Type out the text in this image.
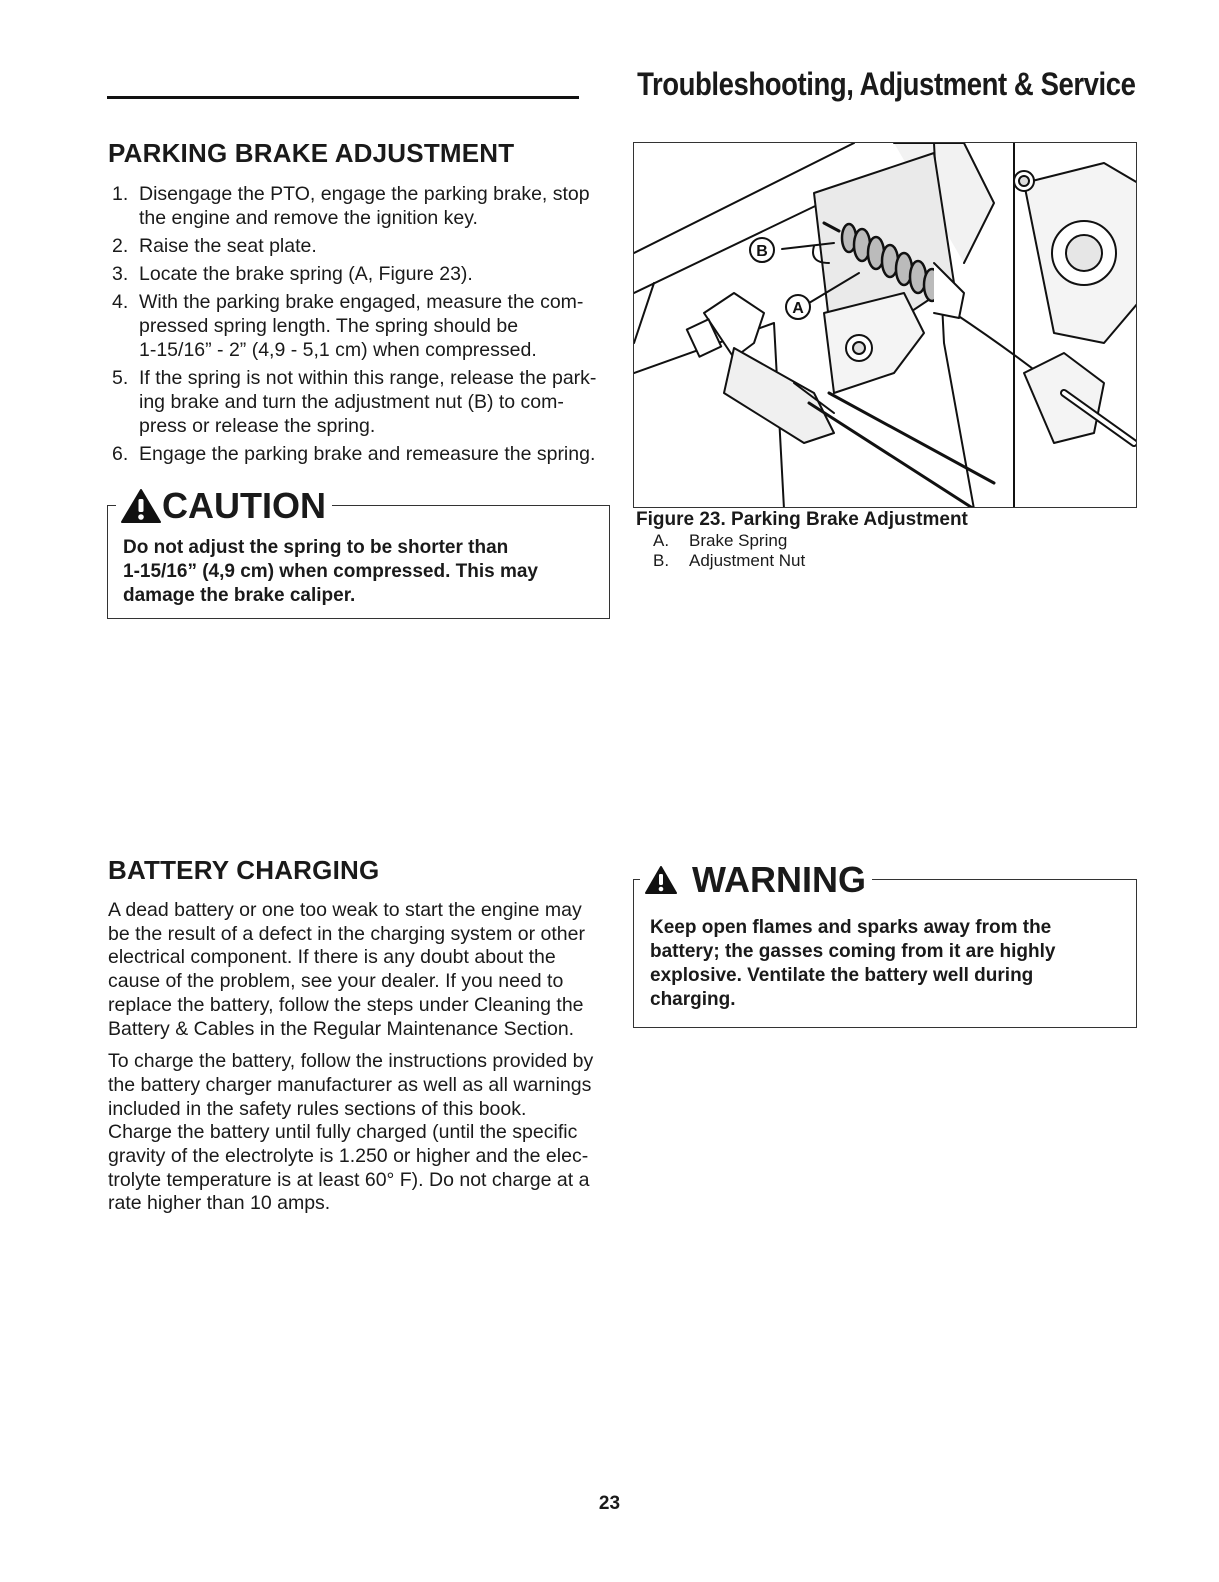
Troubleshooting, Adjustment & Service
PARKING BRAKE ADJUSTMENT
1. Disengage the PTO, engage the parking brake, stop
the engine and remove the ignition key.
2. Raise the seat plate.
3. Locate the brake spring (A, Figure 23).
4. With the parking brake engaged, measure the com-
pressed spring length. The spring should be
1-15/16” - 2” (4,9 - 5,1 cm) when compressed.
5. If the spring is not within this range, release the park-
ing brake and turn the adjustment nut (B) to com-
press or release the spring.
6. Engage the parking brake and remeasure the spring.
CAUTION
Do not adjust the spring to be shorter than
1-15/16” (4,9 cm) when compressed. This may
damage the brake caliper.
B
A
Figure 23. Parking Brake Adjustment
A. Brake Spring
B. Adjustment Nut
BATTERY CHARGING
A dead battery or one too weak to start the engine may
be the result of a defect in the charging system or other
electrical component. If there is any doubt about the
cause of the problem, see your dealer. If you need to
replace the battery, follow the steps under Cleaning the
Battery & Cables in the Regular Maintenance Section.
To charge the battery, follow the instructions provided by
the battery charger manufacturer as well as all warnings
included in the safety rules sections of this book.
Charge the battery until fully charged (until the specific
gravity of the electrolyte is 1.250 or higher and the elec-
trolyte temperature is at least 60° F). Do not charge at a
rate higher than 10 amps.
WARNING
Keep open flames and sparks away from the
battery; the gasses coming from it are highly
explosive. Ventilate the battery well during
charging.
23
